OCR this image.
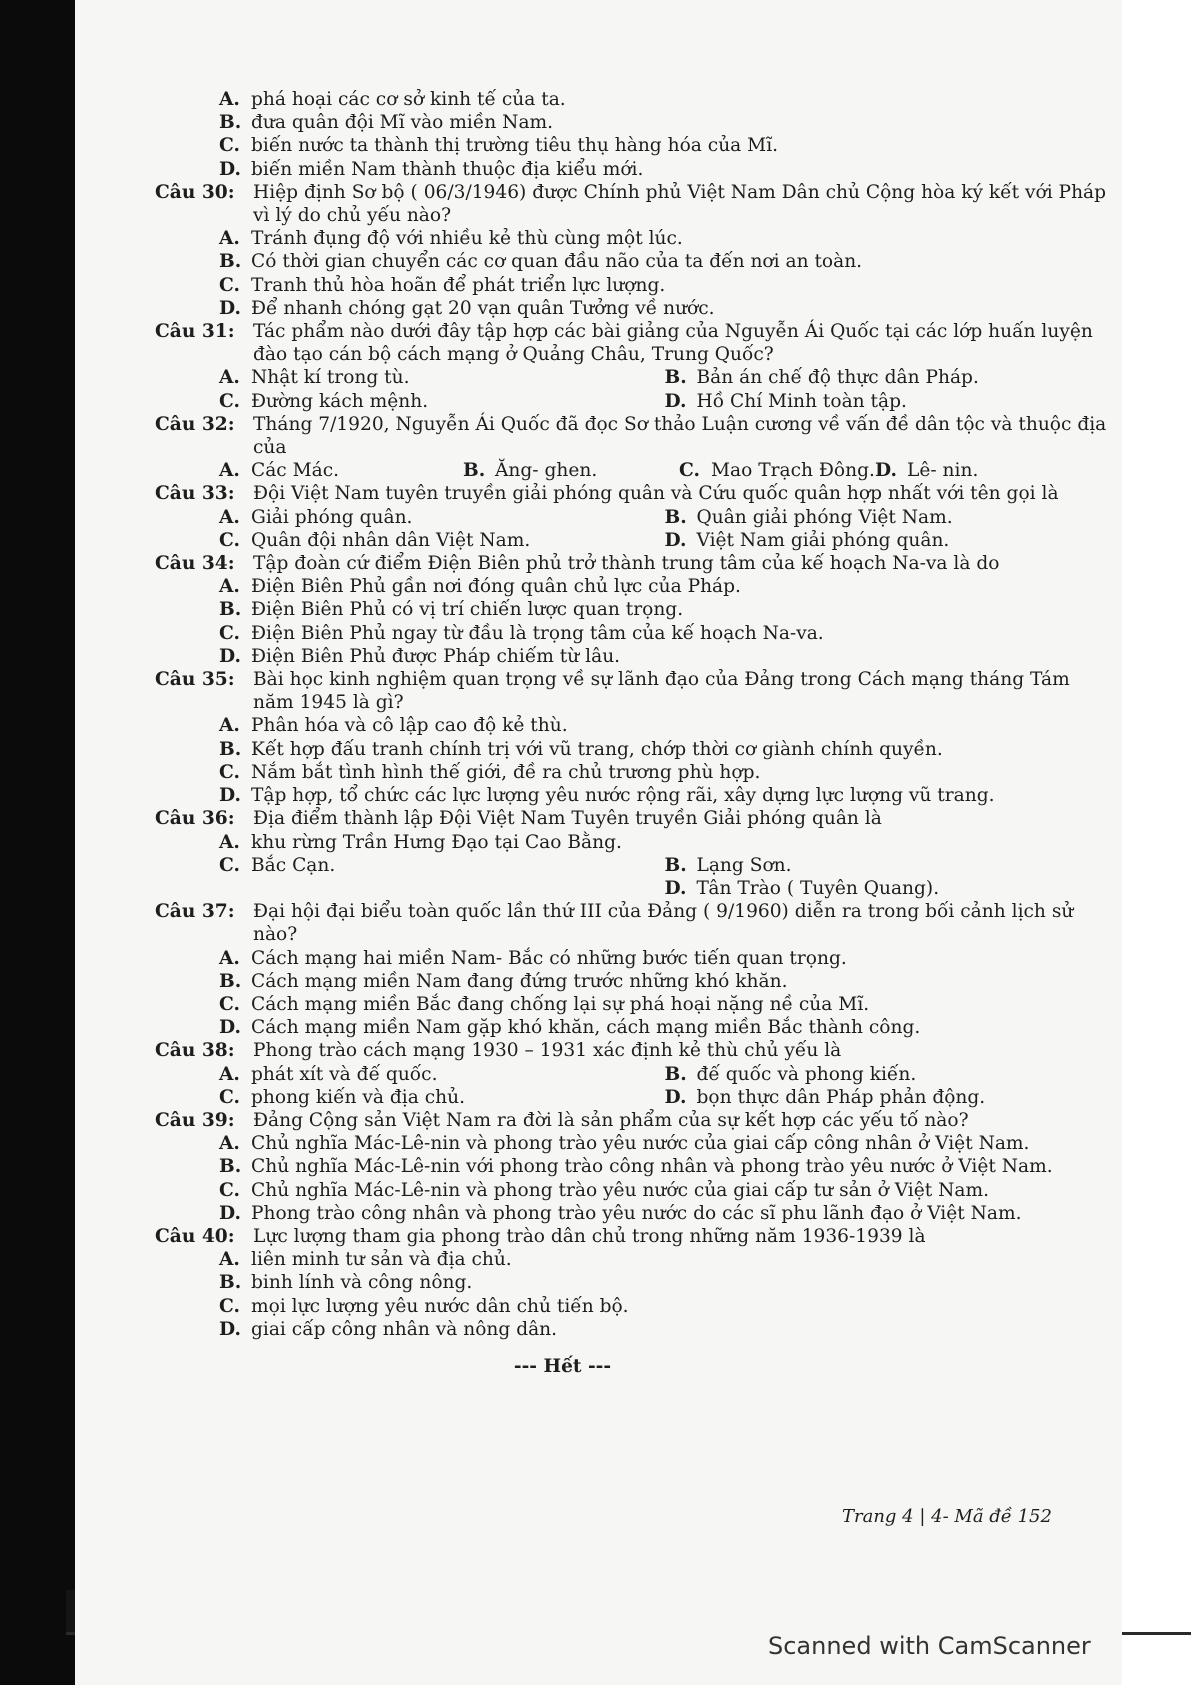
A. phá hoại các cơ sở kinh tế của ta.
B. đưa quân đội Mĩ vào miền Nam.
C. biến nước ta thành thị trường tiêu thụ hàng hóa của Mĩ.
D. biến miền Nam thành thuộc địa kiểu mới.
Câu 30: Hiệp định Sơ bộ ( 06/3/1946) được Chính phủ Việt Nam Dân chủ Cộng hòa ký kết với Pháp vì lý do chủ yếu nào?
A. Tránh đụng độ với nhiều kẻ thù cùng một lúc.
B. Có thời gian chuyển các cơ quan đầu não của ta đến nơi an toàn.
C. Tranh thủ hòa hoãn để phát triển lực lượng.
D. Để nhanh chóng gạt 20 vạn quân Tưởng về nước.
Câu 31: Tác phẩm nào dưới đây tập hợp các bài giảng của Nguyễn Ái Quốc tại các lớp huấn luyện đào tạo cán bộ cách mạng ở Quảng Châu, Trung Quốc?
A. Nhật kí trong tù.	B. Bản án chế độ thực dân Pháp.
C. Đường kách mệnh.	D. Hồ Chí Minh toàn tập.
Câu 32: Tháng 7/1920, Nguyễn Ái Quốc đã đọc Sơ thảo Luận cương về vấn đề dân tộc và thuộc địa của
A. Các Mác.	B. Ăng- ghen.	C. Mao Trạch Đông. D. Lê- nin.
Câu 33: Đội Việt Nam tuyên truyền giải phóng quân và Cứu quốc quân hợp nhất với tên gọi là
A. Giải phóng quân.	B. Quân giải phóng Việt Nam.
C. Quân đội nhân dân Việt Nam.	D. Việt Nam giải phóng quân.
Câu 34: Tập đoàn cứ điểm Điện Biên phủ trở thành trung tâm của kế hoạch Na-va là do
A. Điện Biên Phủ gần nơi đóng quân chủ lực của Pháp.
B. Điện Biên Phủ có vị trí chiến lược quan trọng.
C. Điện Biên Phủ ngay từ đầu là trọng tâm của kế hoạch Na-va.
D. Điện Biên Phủ được Pháp chiếm từ lâu.
Câu 35: Bài học kinh nghiệm quan trọng về sự lãnh đạo của Đảng trong Cách mạng tháng Tám năm 1945 là gì?
A. Phân hóa và cô lập cao độ kẻ thù.
B. Kết hợp đấu tranh chính trị với vũ trang, chớp thời cơ giành chính quyền.
C. Nắm bắt tình hình thế giới, đề ra chủ trương phù hợp.
D. Tập hợp, tổ chức các lực lượng yêu nước rộng rãi, xây dựng lực lượng vũ trang.
Câu 36: Địa điểm thành lập Đội Việt Nam Tuyên truyền Giải phóng quân là
A. khu rừng Trần Hưng Đạo tại Cao Bằng.
C. Bắc Cạn.	B. Lạng Sơn.
D. Tân Trào ( Tuyên Quang).
Câu 37: Đại hội đại biểu toàn quốc lần thứ III của Đảng ( 9/1960) diễn ra trong bối cảnh lịch sử nào?
A. Cách mạng hai miền Nam- Bắc có những bước tiến quan trọng.
B. Cách mạng miền Nam đang đứng trước những khó khăn.
C. Cách mạng miền Bắc đang chống lại sự phá hoại nặng nề của Mĩ.
D. Cách mạng miền Nam gặp khó khăn, cách mạng miền Bắc thành công.
Câu 38: Phong trào cách mạng 1930 – 1931 xác định kẻ thù chủ yếu là
A. phát xít và đế quốc.	B. đế quốc và phong kiến.
C. phong kiến và địa chủ.	D. bọn thực dân Pháp phản động.
Câu 39: Đảng Cộng sản Việt Nam ra đời là sản phẩm của sự kết hợp các yếu tố nào?
A. Chủ nghĩa Mác-Lê-nin và phong trào yêu nước của giai cấp công nhân ở Việt Nam.
B. Chủ nghĩa Mác-Lê-nin với phong trào công nhân và phong trào yêu nước ở Việt Nam.
C. Chủ nghĩa Mác-Lê-nin và phong trào yêu nước của giai cấp tư sản ở Việt Nam.
D. Phong trào công nhân và phong trào yêu nước do các sĩ phu lãnh đạo ở Việt Nam.
Câu 40: Lực lượng tham gia phong trào dân chủ trong những năm 1936-1939 là
A. liên minh tư sản và địa chủ.
B. binh lính và công nông.
C. mọi lực lượng yêu nước dân chủ tiến bộ.
D. giai cấp công nhân và nông dân.
--- Hết ---
Trang 4 | 4- Mã đề 152
Scanned with CamScanner
